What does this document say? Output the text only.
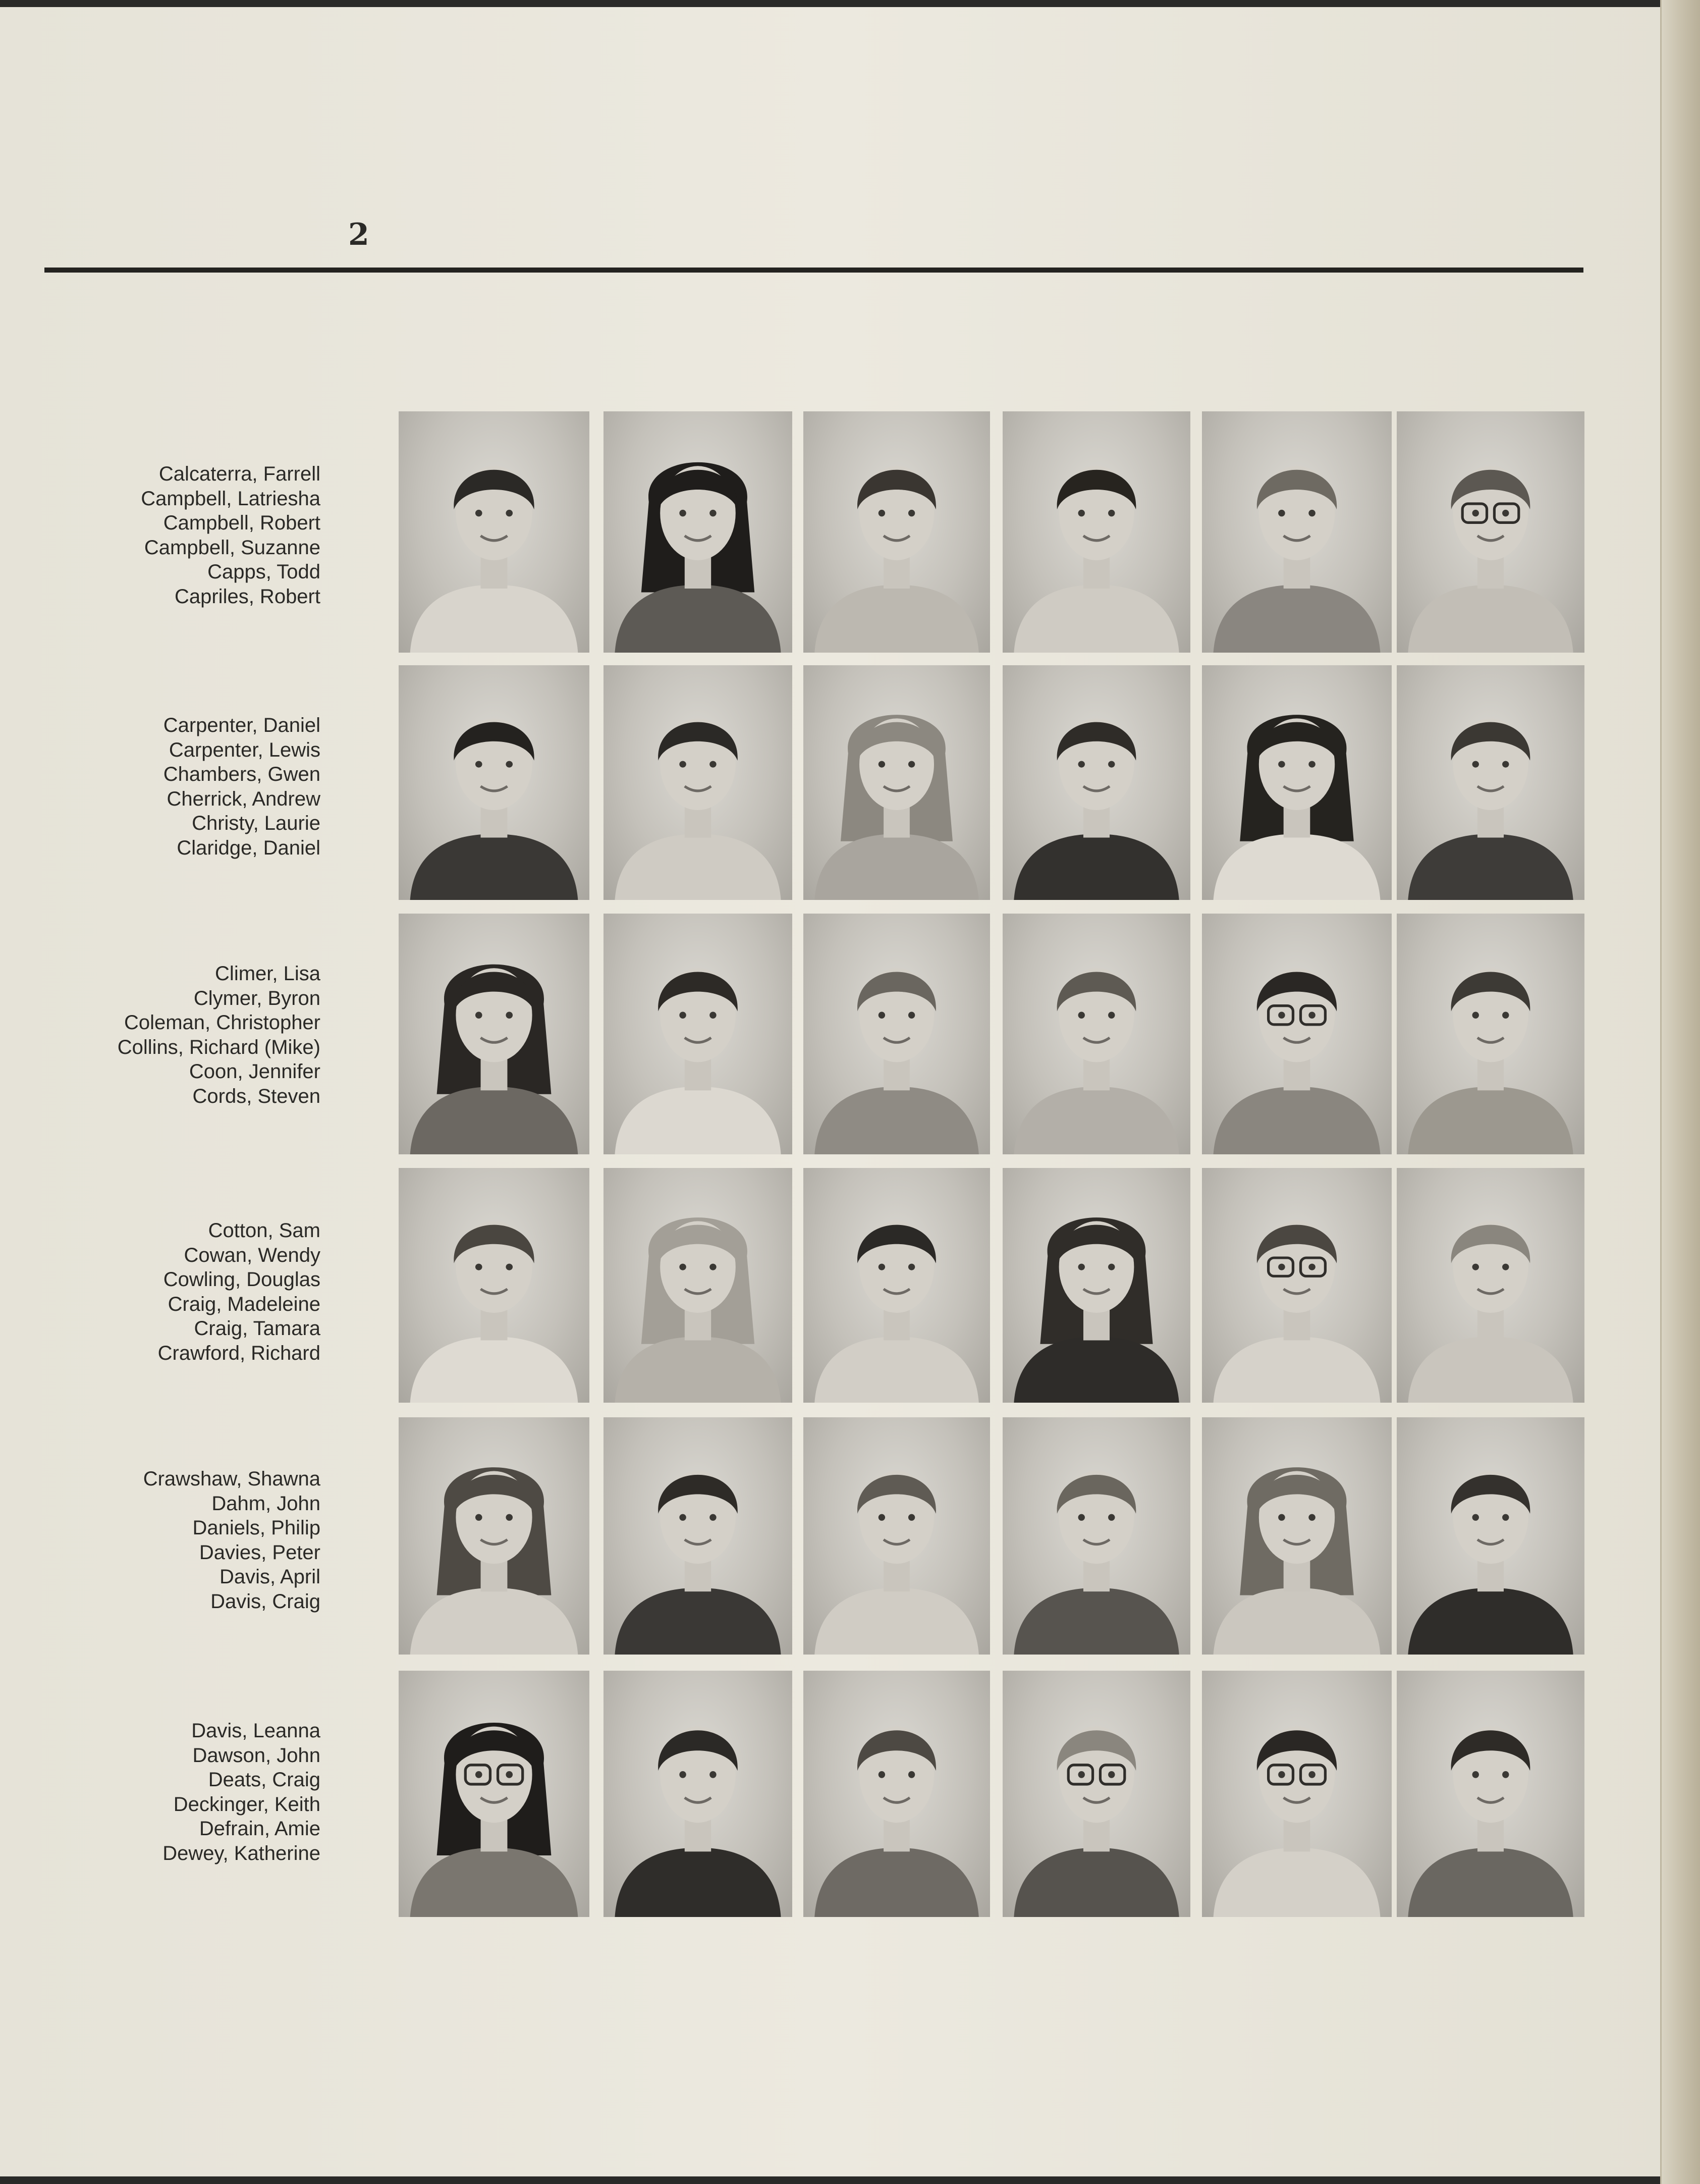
2
Calcaterra, Farrell
Campbell, Latriesha
Campbell, Robert
Campbell, Suzanne
Capps, Todd
Capriles, Robert
Carpenter, Daniel
Carpenter, Lewis
Chambers, Gwen
Cherrick, Andrew
Christy, Laurie
Claridge, Daniel
Climer, Lisa
Clymer, Byron
Coleman, Christopher
Collins, Richard (Mike)
Coon, Jennifer
Cords, Steven
Cotton, Sam
Cowan, Wendy
Cowling, Douglas
Craig, Madeleine
Craig, Tamara
Crawford, Richard
Crawshaw, Shawna
Dahm, John
Daniels, Philip
Davies, Peter
Davis, April
Davis, Craig
Davis, Leanna
Dawson, John
Deats, Craig
Deckinger, Keith
Defrain, Amie
Dewey, Katherine
